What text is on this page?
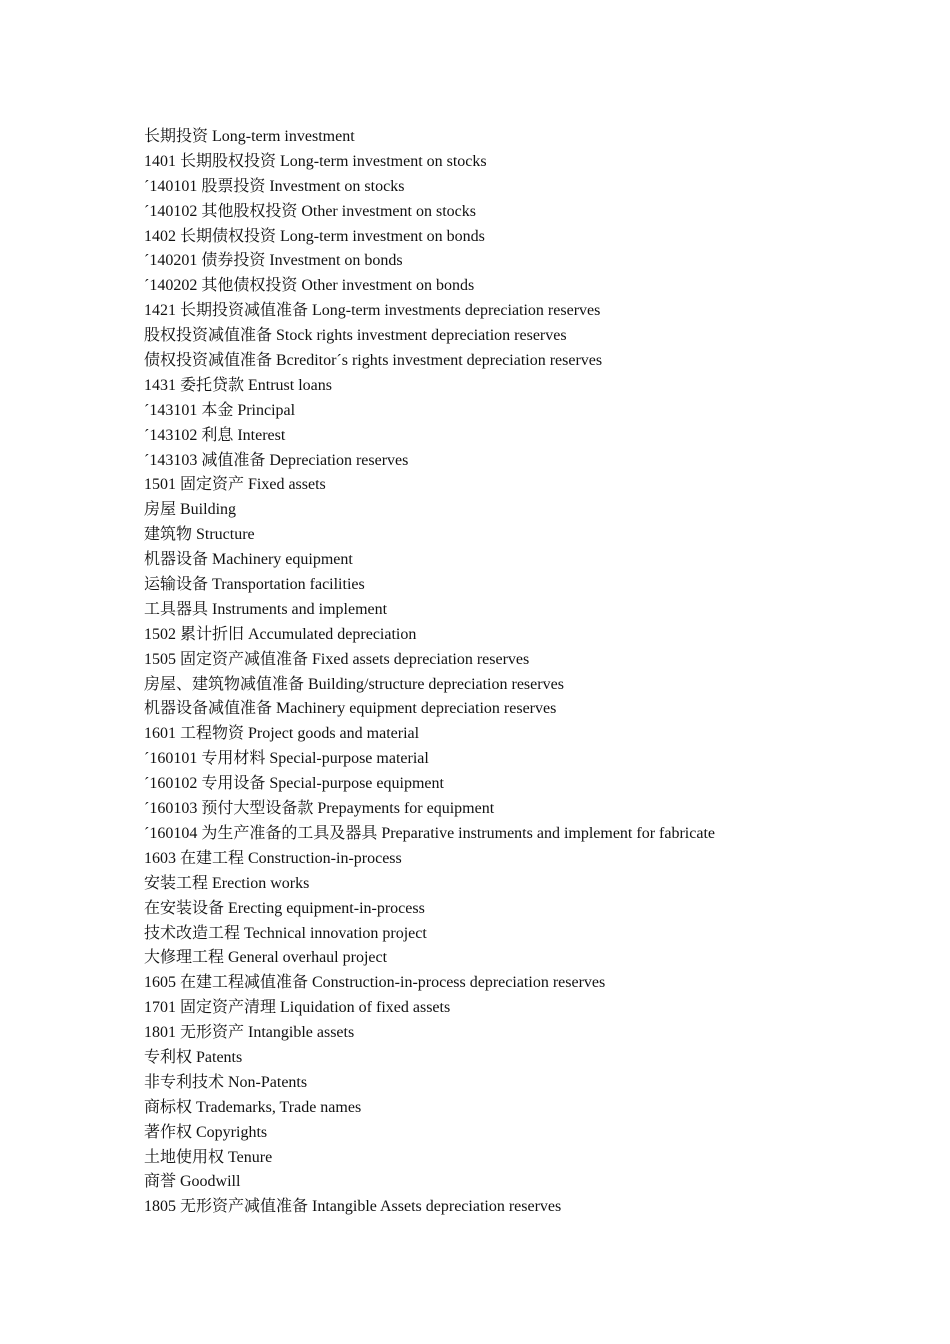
长期投资 Long-term investment
1401 长期股权投资 Long-term investment on stocks
´140101 股票投资 Investment on stocks
´140102 其他股权投资 Other investment on stocks
1402 长期债权投资 Long-term investment on bonds
´140201 债券投资 Investment on bonds
´140202 其他债权投资 Other investment on bonds
1421 长期投资减值准备 Long-term investments depreciation reserves
股权投资减值准备 Stock rights investment depreciation reserves
债权投资减值准备 Bcreditor´s rights investment depreciation reserves
1431 委托贷款 Entrust loans
´143101 本金 Principal
´143102 利息 Interest
´143103 减值准备 Depreciation reserves
1501 固定资产 Fixed assets
房屋 Building
建筑物 Structure
机器设备 Machinery equipment
运输设备 Transportation facilities
工具器具 Instruments and implement
1502 累计折旧 Accumulated depreciation
1505 固定资产减值准备 Fixed assets depreciation reserves
房屋、建筑物减值准备 Building/structure depreciation reserves
机器设备减值准备 Machinery equipment depreciation reserves
1601 工程物资 Project goods and material
´160101 专用材料 Special-purpose material
´160102 专用设备 Special-purpose equipment
´160103 预付大型设备款 Prepayments for equipment
´160104 为生产准备的工具及器具 Preparative instruments and implement for fabricate
1603 在建工程 Construction-in-process
安装工程 Erection works
在安装设备 Erecting equipment-in-process
技术改造工程 Technical innovation project
大修理工程 General overhaul project
1605 在建工程减值准备 Construction-in-process depreciation reserves
1701 固定资产清理 Liquidation of fixed assets
1801 无形资产 Intangible assets
专利权 Patents
非专利技术 Non-Patents
商标权 Trademarks, Trade names
著作权 Copyrights
土地使用权 Tenure
商誉 Goodwill
1805 无形资产减值准备 Intangible Assets depreciation reserves
